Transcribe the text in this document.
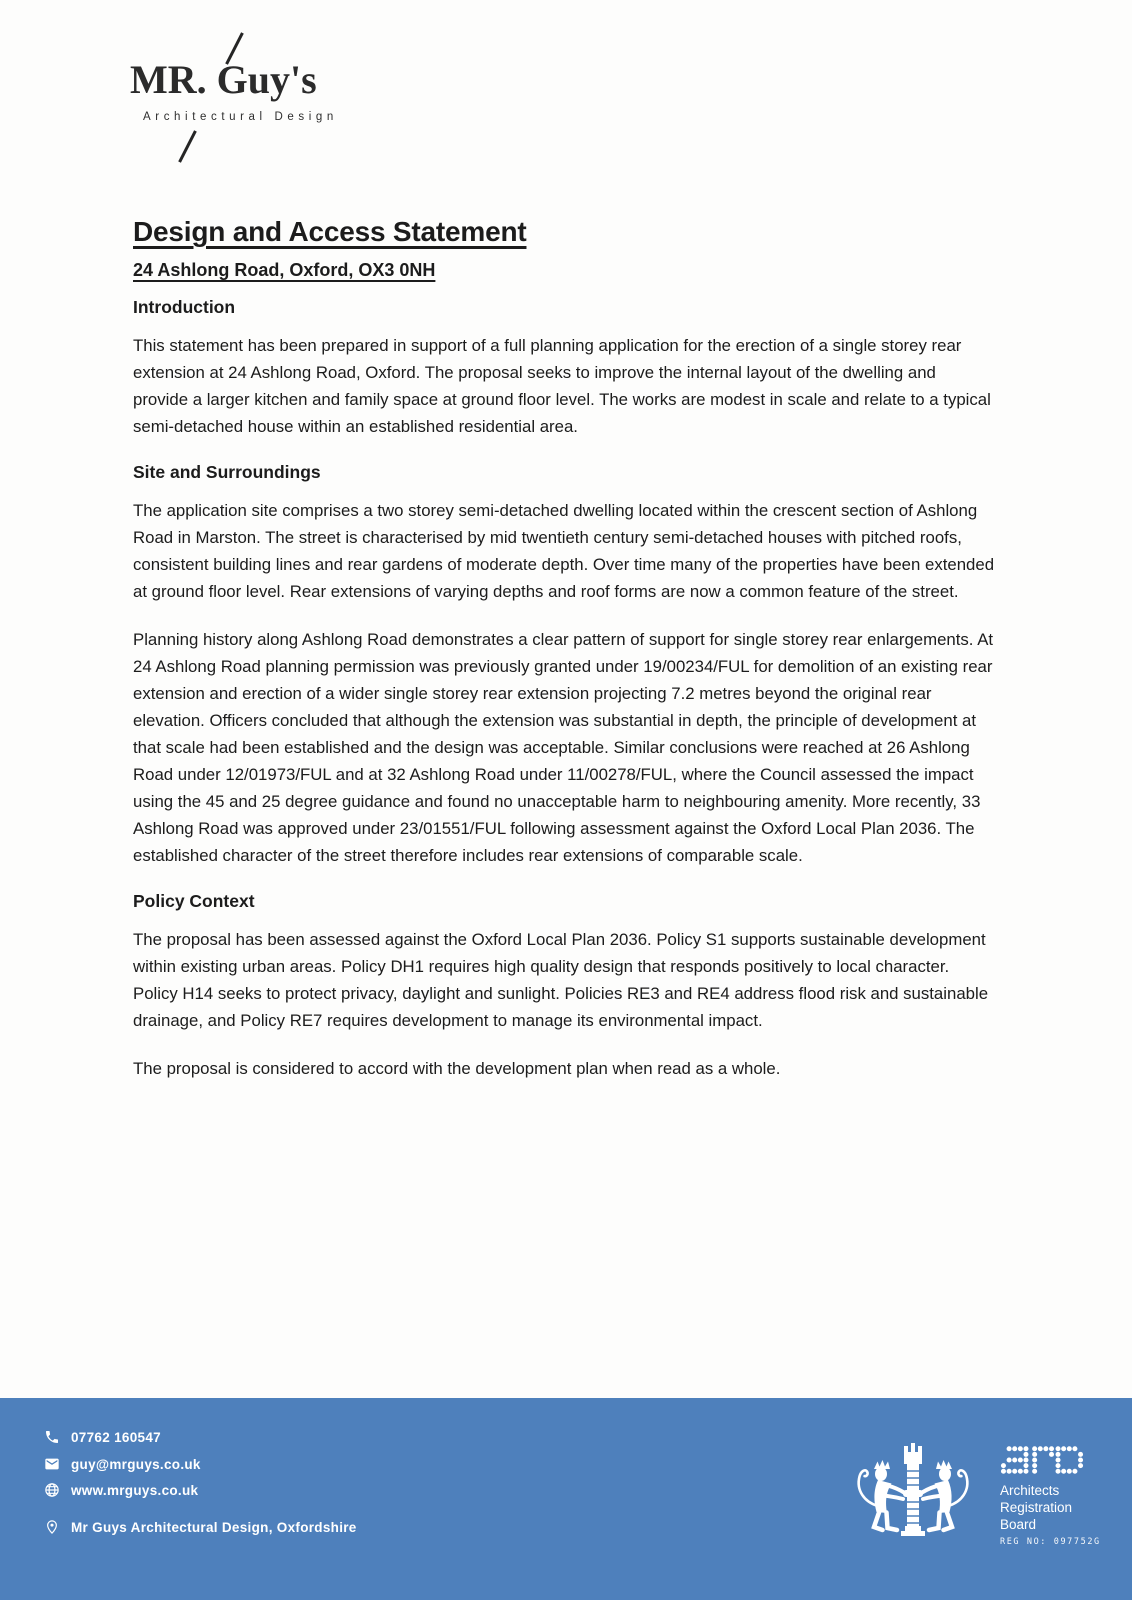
MR. Guy's
Architectural Design
Design and Access Statement
24 Ashlong Road, Oxford, OX3 0NH
Introduction

This statement has been prepared in support of a full planning application for the erection of a single storey rear extension at 24 Ashlong Road, Oxford. The proposal seeks to improve the internal layout of the dwelling and provide a larger kitchen and family space at ground floor level. The works are modest in scale and relate to a typical semi-detached house within an established residential area.

Site and Surroundings

The application site comprises a two storey semi-detached dwelling located within the crescent section of Ashlong Road in Marston. The street is characterised by mid twentieth century semi-detached houses with pitched roofs, consistent building lines and rear gardens of moderate depth. Over time many of the properties have been extended at ground floor level. Rear extensions of varying depths and roof forms are now a common feature of the street.

Planning history along Ashlong Road demonstrates a clear pattern of support for single storey rear enlargements. At 24 Ashlong Road planning permission was previously granted under 19/00234/FUL for demolition of an existing rear extension and erection of a wider single storey rear extension projecting 7.2 metres beyond the original rear elevation. Officers concluded that although the extension was substantial in depth, the principle of development at that scale had been established and the design was acceptable. Similar conclusions were reached at 26 Ashlong Road under 12/01973/FUL and at 32 Ashlong Road under 11/00278/FUL, where the Council assessed the impact using the 45 and 25 degree guidance and found no unacceptable harm to neighbouring amenity. More recently, 33 Ashlong Road was approved under 23/01551/FUL following assessment against the Oxford Local Plan 2036. The established character of the street therefore includes rear extensions of comparable scale.

Policy Context

The proposal has been assessed against the Oxford Local Plan 2036. Policy S1 supports sustainable development within existing urban areas. Policy DH1 requires high quality design that responds positively to local character. Policy H14 seeks to protect privacy, daylight and sunlight. Policies RE3 and RE4 address flood risk and sustainable drainage, and Policy RE7 requires development to manage its environmental impact.

The proposal is considered to accord with the development plan when read as a whole.

07762 160547
guy@mrguys.co.uk
www.mrguys.co.uk
Mr Guys Architectural Design, Oxfordshire
Architects
Registration
Board
REG NO: 097752G
